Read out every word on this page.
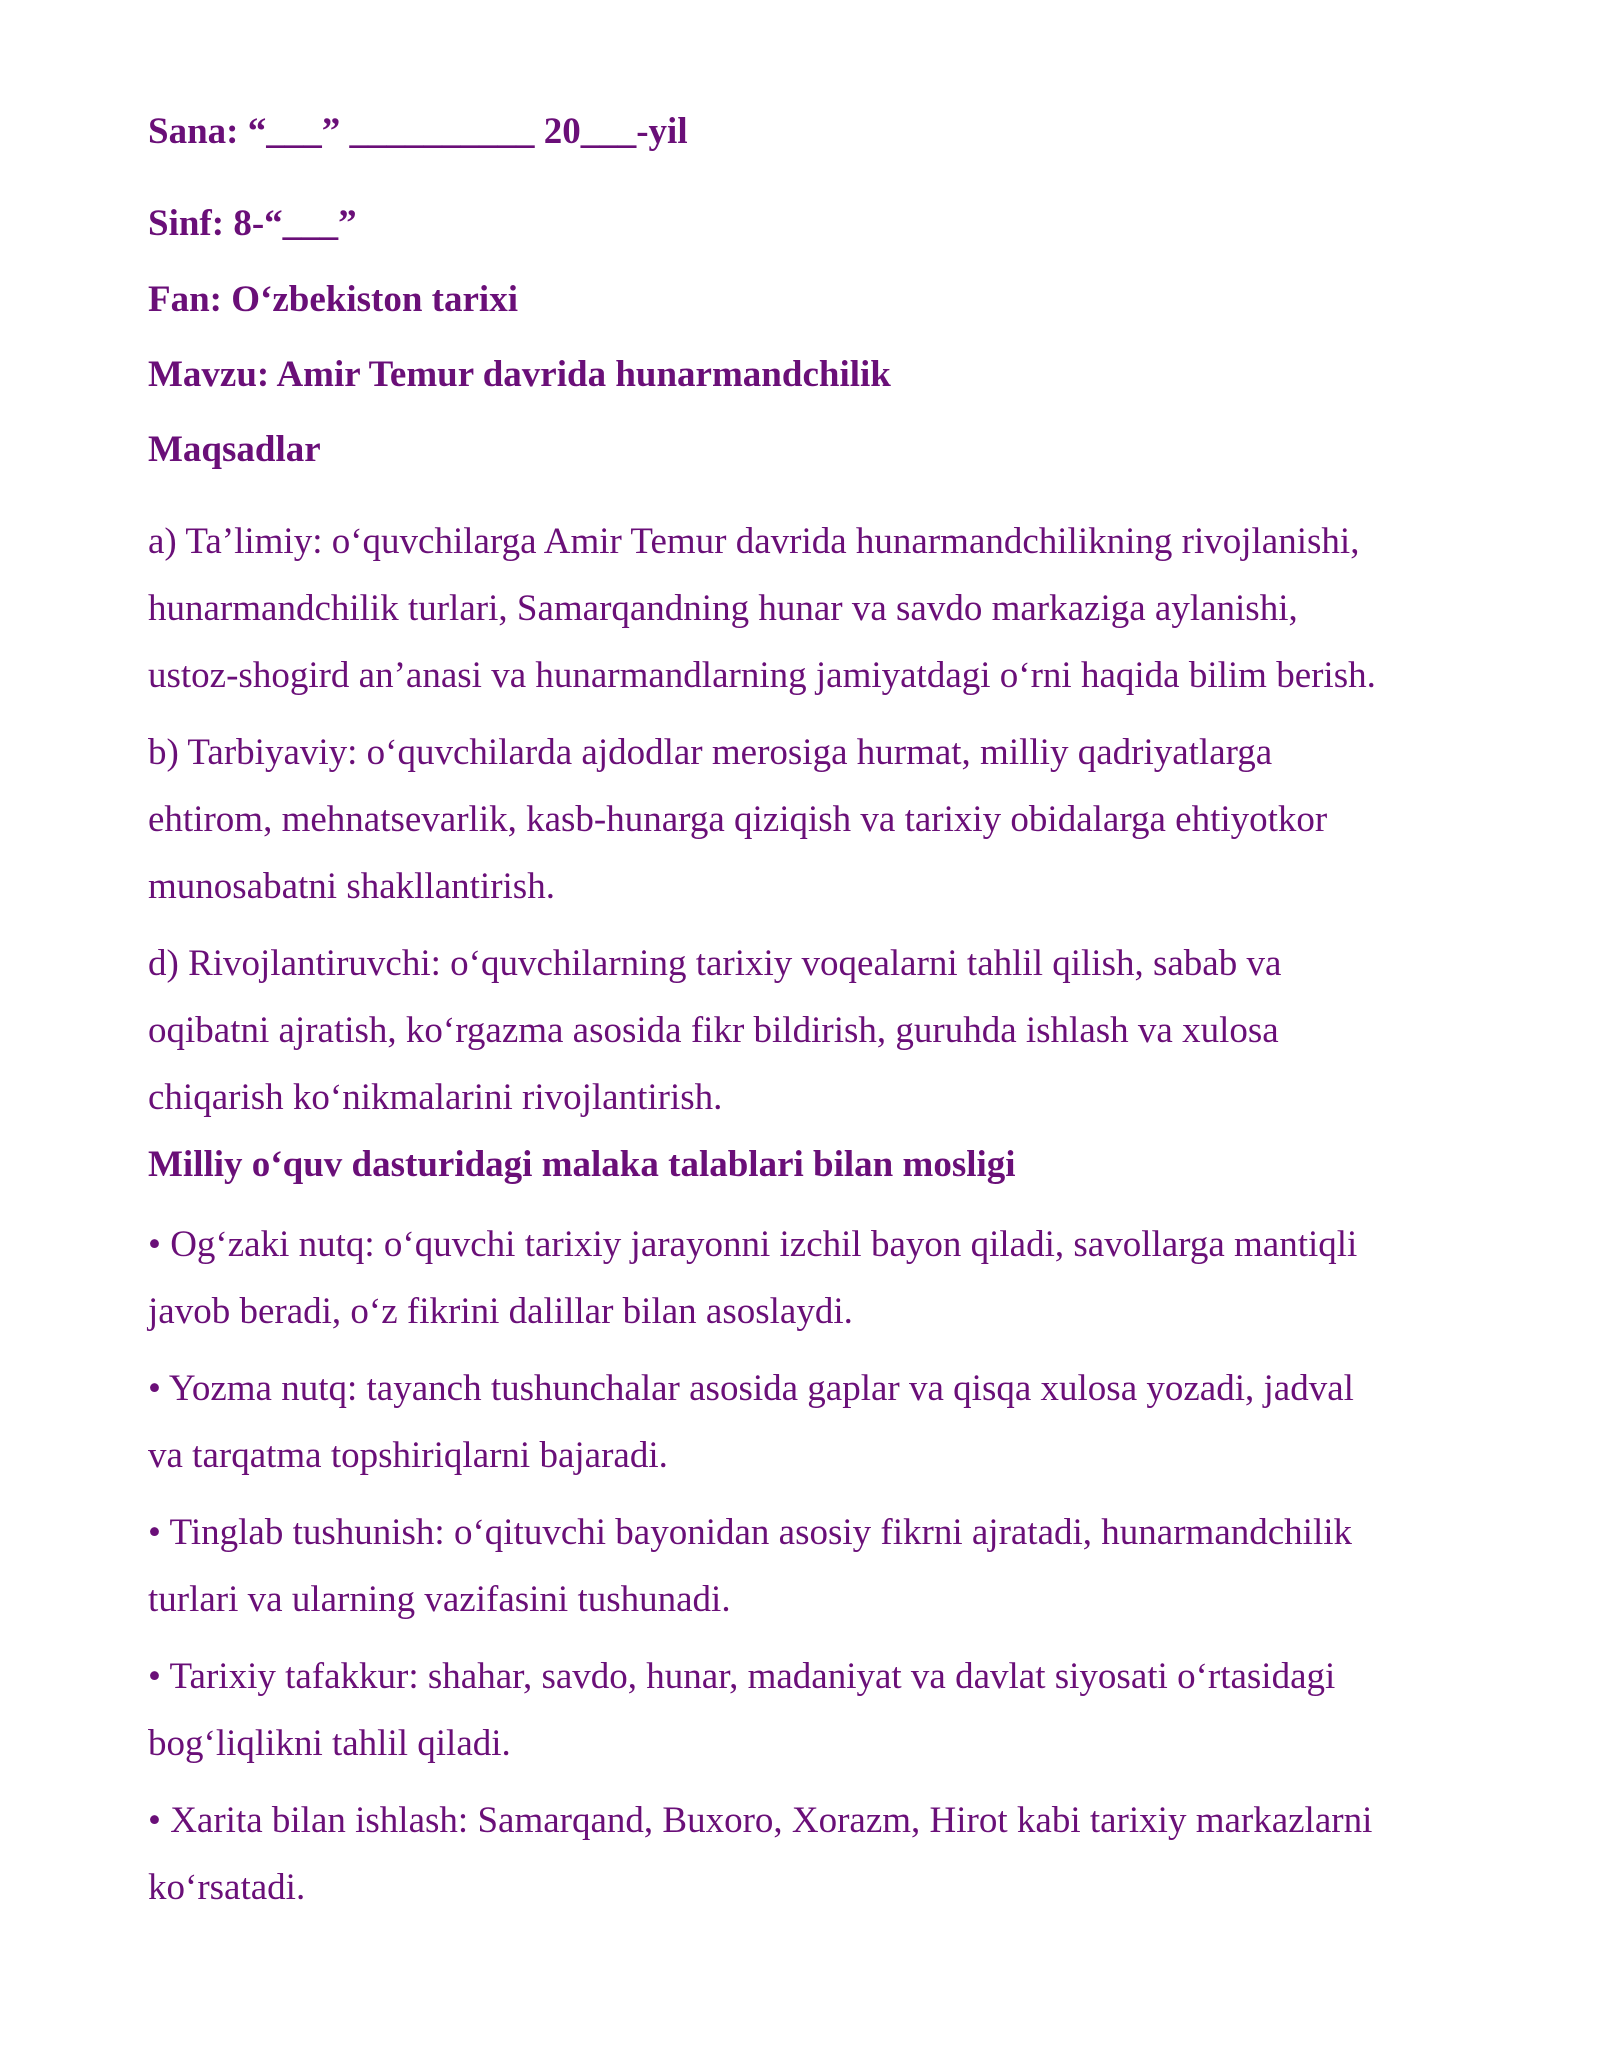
Sana: “___” __________ 20___-yil

Sinf: 8-“___”

Fan: O‘zbekiston tarixi

Mavzu: Amir Temur davrida hunarmandchilik

Maqsadlar

a) Ta’limiy: o‘quvchilarga Amir Temur davrida hunarmandchilikning rivojlanishi,
hunarmandchilik turlari, Samarqandning hunar va savdo markaziga aylanishi,
ustoz-shogird an’anasi va hunarmandlarning jamiyatdagi o‘rni haqida bilim berish.
b) Tarbiyaviy: o‘quvchilarda ajdodlar merosiga hurmat, milliy qadriyatlarga
ehtirom, mehnatsevarlik, kasb-hunarga qiziqish va tarixiy obidalarga ehtiyotkor
munosabatni shakllantirish.
d) Rivojlantiruvchi: o‘quvchilarning tarixiy voqealarni tahlil qilish, sabab va
oqibatni ajratish, ko‘rgazma asosida fikr bildirish, guruhda ishlash va xulosa
chiqarish ko‘nikmalarini rivojlantirish.

Milliy o‘quv dasturidagi malaka talablari bilan mosligi

• Og‘zaki nutq: o‘quvchi tarixiy jarayonni izchil bayon qiladi, savollarga mantiqli
javob beradi, o‘z fikrini dalillar bilan asoslaydi.
• Yozma nutq: tayanch tushunchalar asosida gaplar va qisqa xulosa yozadi, jadval
va tarqatma topshiriqlarni bajaradi.
• Tinglab tushunish: o‘qituvchi bayonidan asosiy fikrni ajratadi, hunarmandchilik
turlari va ularning vazifasini tushunadi.
• Tarixiy tafakkur: shahar, savdo, hunar, madaniyat va davlat siyosati o‘rtasidagi
bog‘liqlikni tahlil qiladi.
• Xarita bilan ishlash: Samarqand, Buxoro, Xorazm, Hirot kabi tarixiy markazlarni
ko‘rsatadi.
